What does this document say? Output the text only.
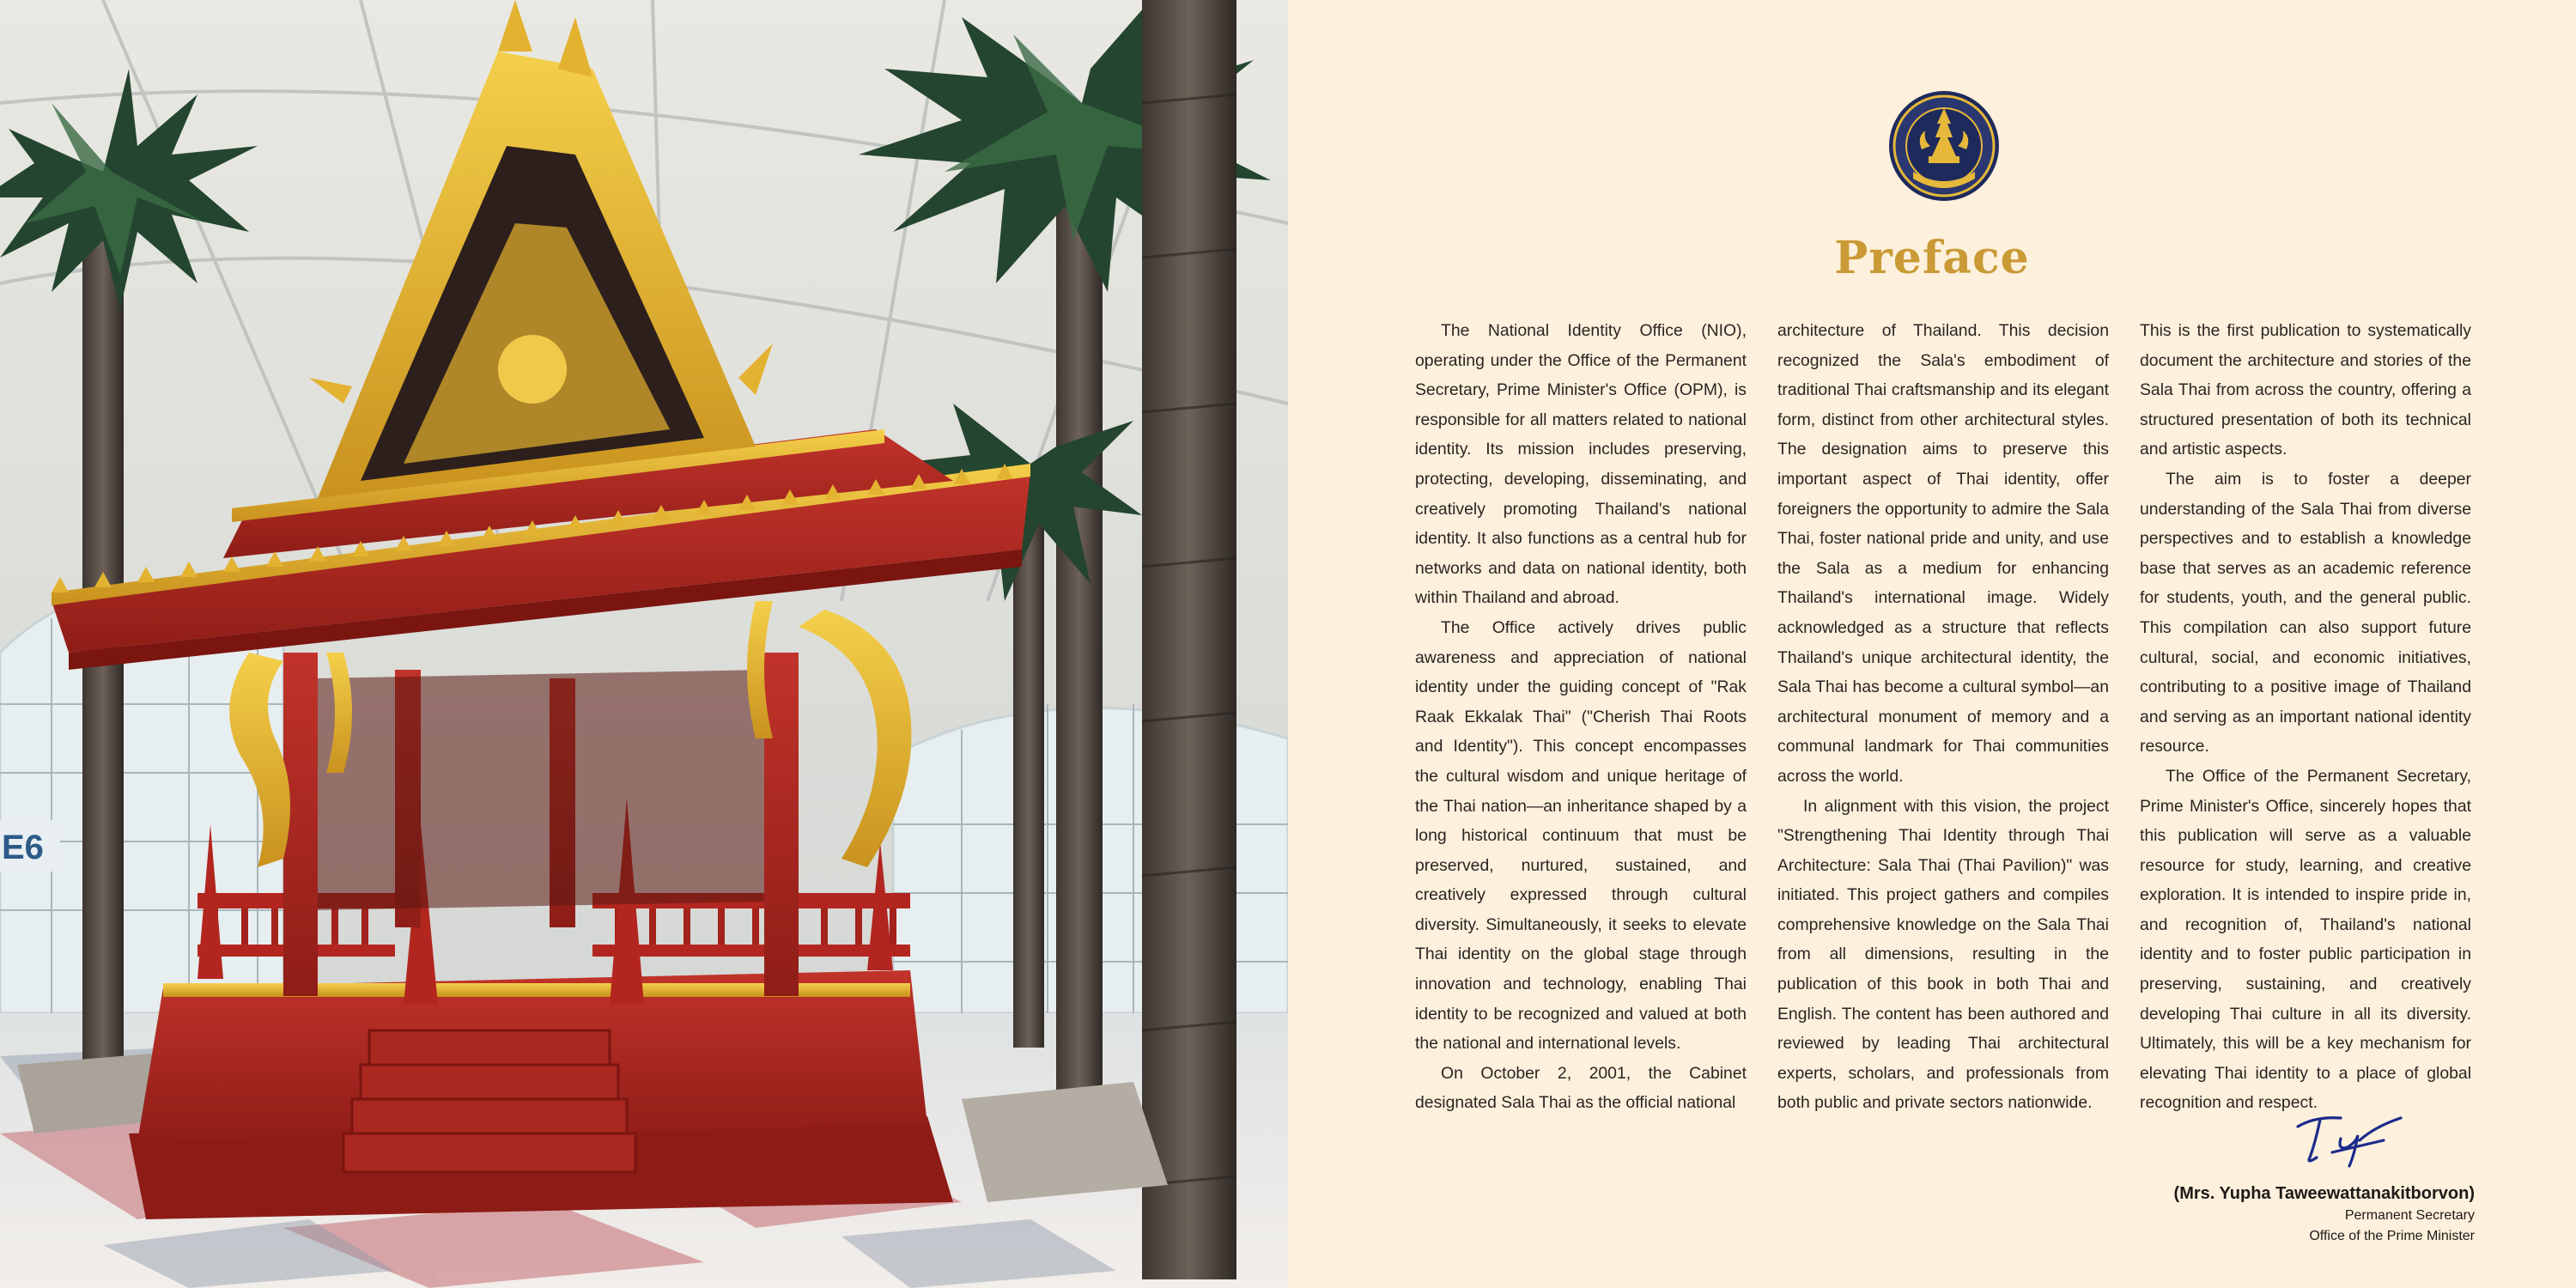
E6
Preface

The National Identity Office (NIO), operating under the Office of the Permanent Secretary, Prime Minister's Office (OPM), is responsible for all matters related to national identity. Its mission includes preserving, protecting, developing, disseminating, and creatively promoting Thailand's national identity. It also functions as a central hub for networks and data on national identity, both within Thailand and abroad.

The Office actively drives public awareness and appreciation of national identity under the guiding concept of "Rak Raak Ekkalak Thai" ("Cherish Thai Roots and Identity"). This concept encompasses the cultural wisdom and unique heritage of the Thai nation—an inheritance shaped by a long historical continuum that must be preserved, nurtured, sustained, and creatively expressed through cultural diversity. Simultaneously, it seeks to elevate Thai identity on the global stage through innovation and technology, enabling Thai identity to be recognized and valued at both the national and international levels.

On October 2, 2001, the Cabinet designated Sala Thai as the official national

architecture of Thailand. This decision recognized the Sala's embodiment of traditional Thai craftsmanship and its elegant form, distinct from other architectural styles. The designation aims to preserve this important aspect of Thai identity, offer foreigners the opportunity to admire the Sala Thai, foster national pride and unity, and use the Sala as a medium for enhancing Thailand's international image. Widely acknowledged as a structure that reflects Thailand's unique architectural identity, the Sala Thai has become a cultural symbol—an architectural monument of memory and a communal landmark for Thai communities across the world.

In alignment with this vision, the project "Strengthening Thai Identity through Thai Architecture: Sala Thai (Thai Pavilion)" was initiated. This project gathers and compiles comprehensive knowledge on the Sala Thai from all dimensions, resulting in the publication of this book in both Thai and English. The content has been authored and reviewed by leading Thai architectural experts, scholars, and professionals from both public and private sectors nationwide.

This is the first publication to systematically document the architecture and stories of the Sala Thai from across the country, offering a structured presentation of both its technical and artistic aspects.

The aim is to foster a deeper understanding of the Sala Thai from diverse perspectives and to establish a knowledge base that serves as an academic reference for students, youth, and the general public. This compilation can also support future cultural, social, and economic initiatives, contributing to a positive image of Thailand and serving as an important national identity resource.

The Office of the Permanent Secretary, Prime Minister's Office, sincerely hopes that this publication will serve as a valuable resource for study, learning, and creative exploration. It is intended to inspire pride in, and recognition of, Thailand's national identity and to foster public participation in preserving, sustaining, and creatively developing Thai culture in all its diversity. Ultimately, this will be a key mechanism for elevating Thai identity to a place of global recognition and respect.

(Mrs. Yupha Taweewattanakitborvon)
Permanent Secretary
Office of the Prime Minister
